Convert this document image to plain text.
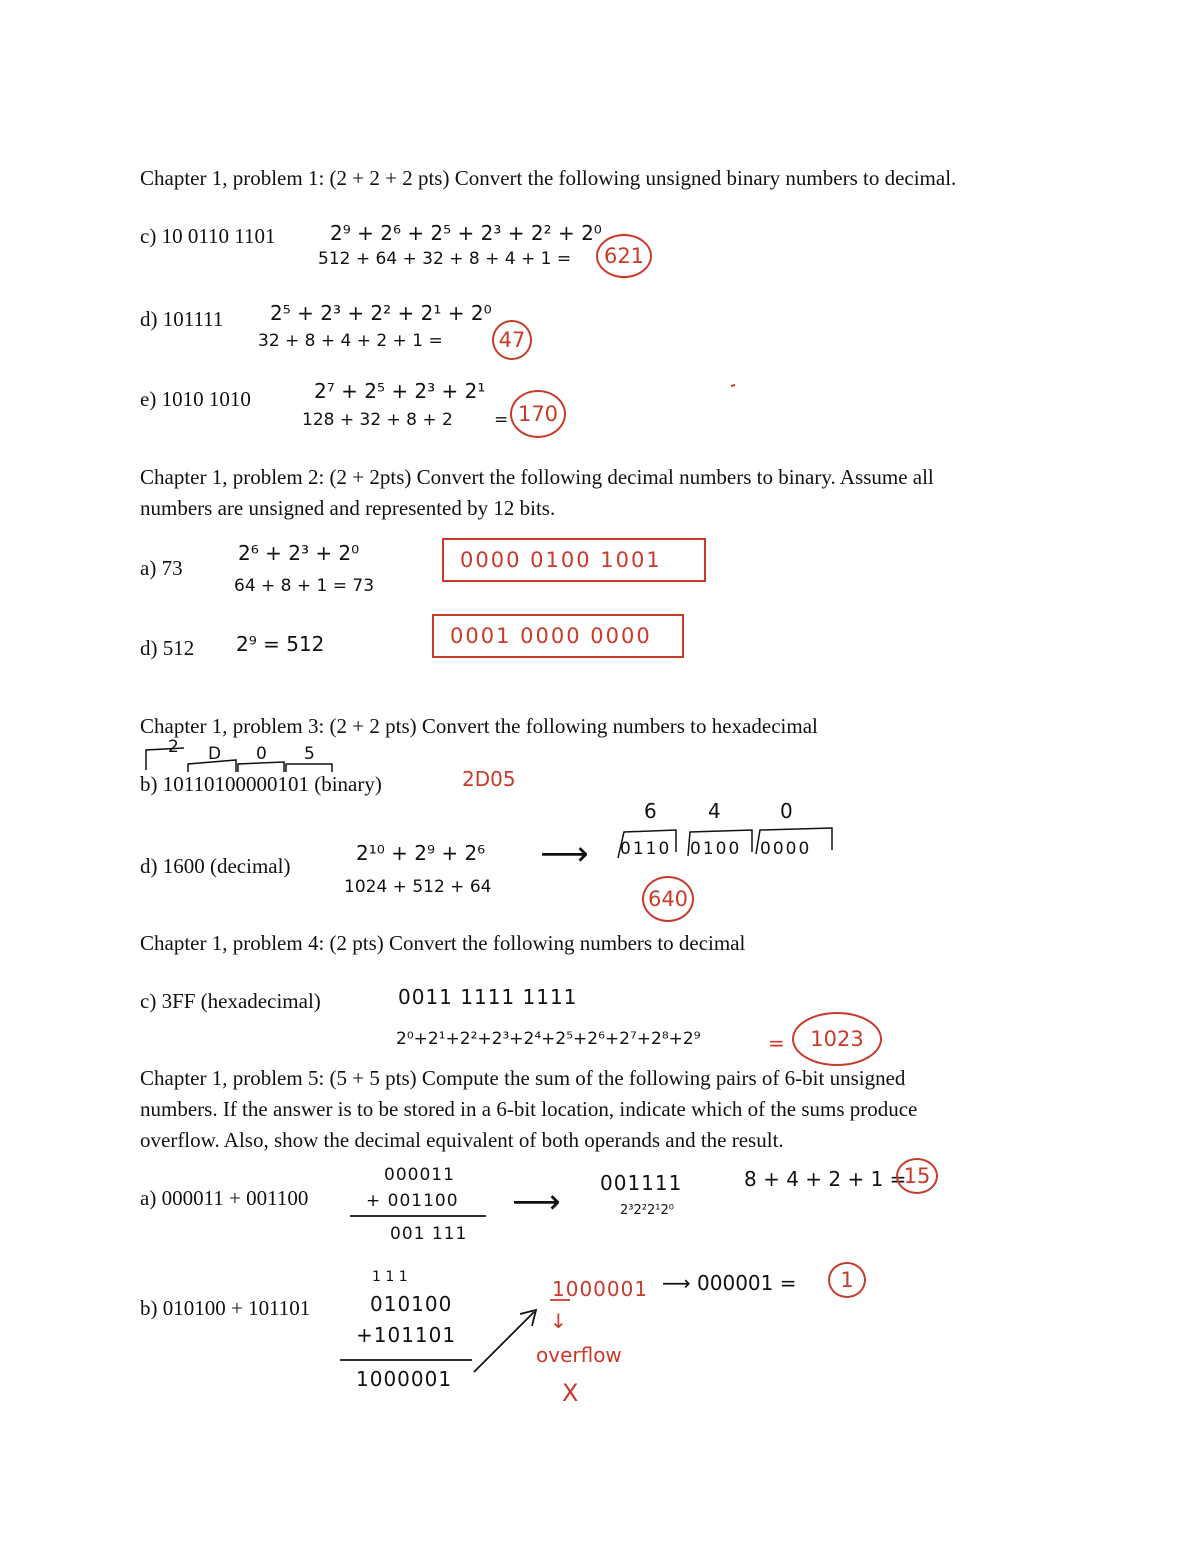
Chapter 1, problem 1: (2 + 2 + 2 pts) Convert the following unsigned binary numbers to decimal.
c) 10 0110 1101	2⁹ + 2⁶ + 2⁵ + 2³ + 2² + 2⁰
512 + 64 + 32 + 8 + 4 + 1 =	621
d) 101111 2⁵ + 2³ + 2² + 2¹ + 2⁰
32 + 8 + 4 + 2 + 1 =	47
e) 1010 1010	2⁷ + 2⁵ + 2³ + 2¹
128 + 32 + 8 + 2 = 170
Chapter 1, problem 2: (2 + 2pts) Convert the following decimal numbers to binary. Assume all
numbers are unsigned and represented by 12 bits.
a) 73
2⁶ + 2³ + 2⁰
64 + 8 + 1 = 73
0000 0100 1001
d) 512 2⁹ = 512	0001 0000 0000
Chapter 1, problem 3: (2 + 2 pts) Convert the following numbers to hexadecimal
2 D 0 5
b) 10110100000101 (binary)	2D05
d) 1600 (decimal)
2¹⁰ + 2⁹ + 2⁶
1024 + 512 + 64
⟶
6	4	0
0110 0100 0000
640
Chapter 1, problem 4: (2 pts) Convert the following numbers to decimal
c) 3FF (hexadecimal)	0011 1111 1111
2⁰+2¹+2²+2³+2⁴+2⁵+2⁶+2⁷+2⁸+2⁹	=	1023
Chapter 1, problem 5: (5 + 5 pts) Compute the sum of the following pairs of 6-bit unsigned
numbers. If the answer is to be stored in a 6-bit location, indicate which of the sums produce
overflow. Also, show the decimal equivalent of both operands and the result.
a) 000011 + 001100
000011
+ 001100
001 111
⟶ 001111
2³2²2¹2⁰
8 + 4 + 2 + 1 =
15
b) 010100 + 101101
1 1 1
010100
+101101
1000001
1000001 ⟶ 000001 =	1
↓
overflow
X
